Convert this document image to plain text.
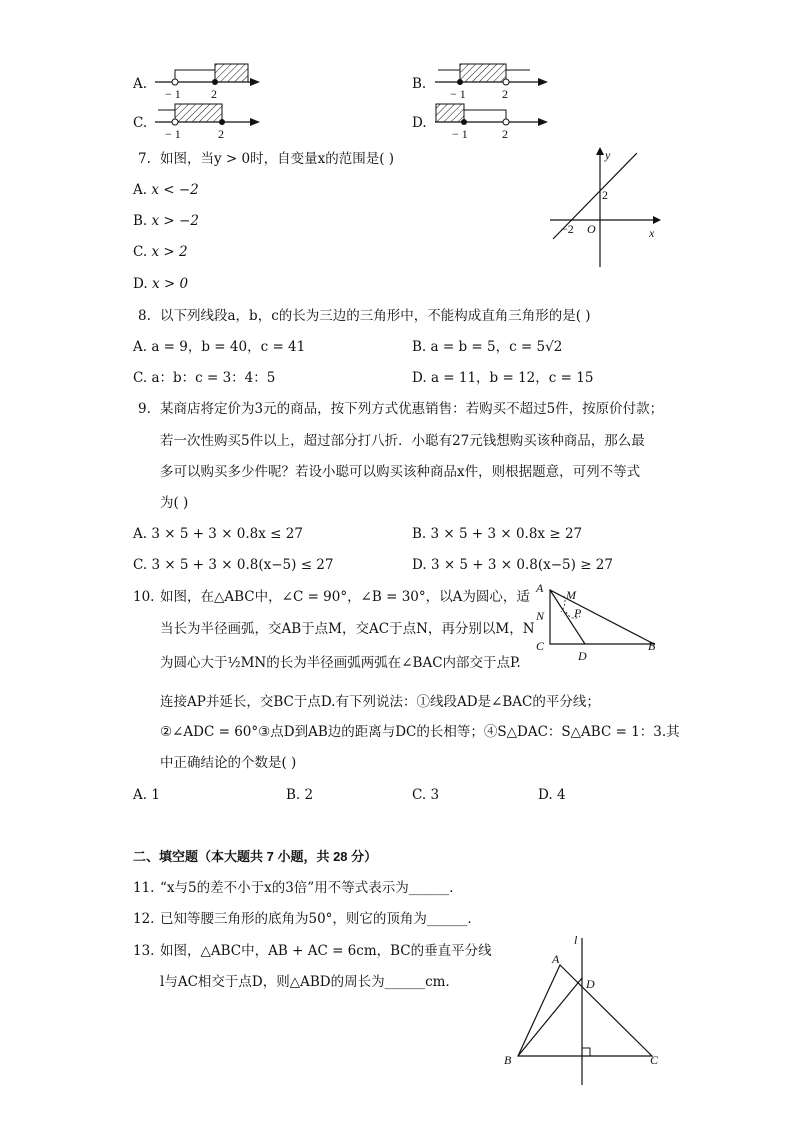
A.
− 1	2
B.
− 1	2
C.
− 1	2
D.
− 1	2
7. 如图，当y > 0时，自变量x的范围是( )
A. x < −2
B. x > −2
C. x > 2
D. x > 0
y
x
O
2
−2
8. 以下列线段a，b，c的长为三边的三角形中，不能构成直角三角形的是( )
A. a = 9，b = 40，c = 41	B. a = b = 5，c = 5√2
C. a：b：c = 3：4：5	D. a = 11，b = 12，c = 15
9. 某商店将定价为3元的商品，按下列方式优惠销售：若购买不超过5件，按原价付款；
若一次性购买5件以上，超过部分打八折．小聪有27元钱想购买该种商品，那么最
多可以购买多少件呢？若设小聪可以购买该种商品x件，则根据题意，可列不等式
为( )
A. 3 × 5 + 3 × 0.8x ≤ 27	B. 3 × 5 + 3 × 0.8x ≥ 27
C. 3 × 5 + 3 × 0.8(x−5) ≤ 27	D. 3 × 5 + 3 × 0.8(x−5) ≥ 27
10. 如图，在△ABC中，∠C = 90°，∠B = 30°，以A为圆心，适
当长为半径画弧，交AB于点M，交AC于点N，再分别以M，N
为圆心大于½MN的长为半径画弧两弧在∠BAC内部交于点P.
连接AP并延长，交BC于点D.有下列说法：①线段AD是∠BAC的平分线；
②∠ADC = 60°③点D到AB边的距离与DC的长相等；④S△DAC：S△ABC = 1：3.其
中正确结论的个数是( )
A M
N P
C
D
B
A. 1	B. 2	C. 3	D. 4
二、填空题（本大题共 7 小题，共 28 分）
11. “x与5的差不小于x的3倍”用不等式表示为______．
12. 已知等腰三角形的底角为50°，则它的顶角为______．
13. 如图，△ABC中，AB + AC = 6cm，BC的垂直平分线
l与AC相交于点D，则△ABD的周长为______cm．
l
A
D
B	C
